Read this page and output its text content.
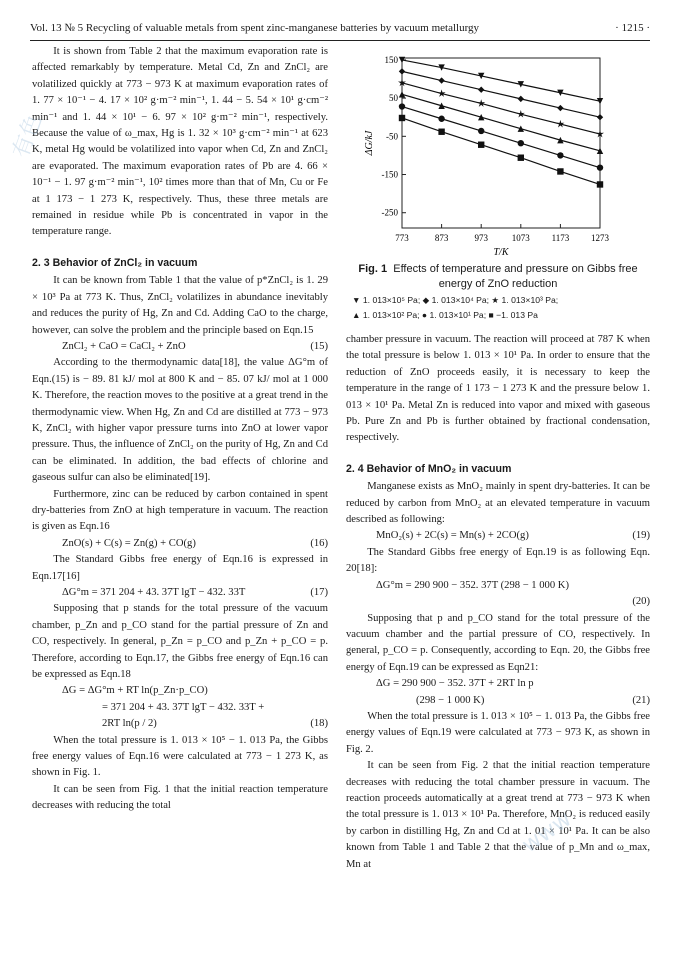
Vol. 13 № 5 Recycling of valuable metals from spent zinc-manganese batteries by vacuum metallurgy	· 1215 ·

It is shown from Table 2 that the maximum evaporation rate is affected remarkably by temperature. Metal Cd, Zn and ZnCl₂ are volatilized quickly at 773 − 973 K at maximum evaporation rates of 1. 77 × 10⁻¹ − 4. 17 × 10² g·m⁻² min⁻¹, 1. 44 − 5. 54 × 10¹ g·cm⁻² min⁻¹ and 1. 44 × 10¹ − 6. 97 × 10² g·m⁻² min⁻¹, respectively. Because the value of ω_max, Hg is 1. 32 × 10³ g·cm⁻² min⁻¹ at 623 K, metal Hg would be volatilized into vapor when Cd, Zn and ZnCl₂ are evaporated. The maximum evaporation rates of Pb are 4. 66 × 10⁻¹ − 1. 97 g·m⁻² min⁻¹, 10² times more than that of Mn, Cu or Fe at 1 173 − 1 273 K, respectively. Thus, these three metals are remained in residue while Pb is concentrated in vapor in the temperature range.

2. 3 Behavior of ZnCl₂ in vacuum

It can be known from Table 1 that the value of p*ZnCl₂ is 1. 29 × 10³ Pa at 773 K. Thus, ZnCl₂ volatilizes in abundance inevitably and reduces the purity of Hg, Zn and Cd. Adding CaO to the charge, however, can solve the problem and the principle based on Eqn.15

ZnCl₂ + CaO = CaCl₂ + ZnO	(15)

According to the thermodynamic data[18], the value ΔG°m of Eqn.(15) is − 89. 81 kJ/ mol at 800 K and − 85. 07 kJ/ mol at 1 000 K. Therefore, the reaction moves to the positive at a great trend in the thermodynamic view. When Hg, Zn and Cd are distilled at 773 − 973 K, ZnCl₂ with higher vapor pressure turns into ZnO at lower vapor pressure. Thus, the influence of ZnCl₂ on the purity of Hg, Zn and Cd can be eliminated. In addition, the bad effects of chlorine and gaseous sulfur can also be eliminated[19].

Furthermore, zinc can be reduced by carbon contained in spent dry-batteries from ZnO at high temperature in vacuum. The reaction is given as Eqn.16

ZnO(s) + C(s) = Zn(g) + CO(g)	(16)

The Standard Gibbs free energy of Eqn.16 is expressed in Eqn.17[16]

ΔG°m = 371 204 + 43. 37T lgT − 432. 33T	(17)

Supposing that p stands for the total pressure of the vacuum chamber, p_Zn and p_CO stand for the partial pressure of Zn and CO, respectively. In general, p_Zn = p_CO and p_Zn + p_CO = p. Therefore, according to Eqn.17, the Gibbs free energy of Eqn.16 can be expressed as Eqn.18

ΔG = ΔG°m + RT ln(p_Zn·p_CO)
= 371 204 + 43. 37T lgT − 432. 33T +
2RT ln(p / 2)	(18)

When the total pressure is 1. 013 × 10⁵ − 1. 013 Pa, the Gibbs free energy values of Eqn.16 were calculated at 773 − 1 273 K, as shown in Fig. 1.

It can be seen from Fig. 1 that the initial reaction temperature decreases with reducing the total

773	873	973	1073 1173 1273
150
50
-50
-150
-250
T/K
ΔG/kJ
Fig. 1 Effects of temperature and pressure on Gibbs free energy of ZnO reduction
▼ 1. 013×10⁵ Pa; ◆ 1. 013×10⁴ Pa; ★ 1. 013×10³ Pa;
▲ 1. 013×10² Pa; ● 1. 013×10¹ Pa; ■ −1. 013 Pa

chamber pressure in vacuum. The reaction will proceed at 787 K when the total pressure is below 1. 013 × 10¹ Pa. In order to ensure that the reduction of ZnO proceeds easily, it is necessary to keep the temperature in the range of 1 173 − 1 273 K and the pressure below 1. 013 × 10¹ Pa. Metal Zn is reduced into vapor and mixed with gaseous Pb. Pure Zn and Pb is further obtained by fractional condensation, respectively.

2. 4 Behavior of MnO₂ in vacuum

Manganese exists as MnO₂ mainly in spent dry-batteries. It can be reduced by carbon from MnO₂ at an elevated temperature in vacuum described as following:

MnO₂(s) + 2C(s) = Mn(s) + 2CO(g)	(19)

The Standard Gibbs free energy of Eqn.19 is as following Eqn. 20[18]:

ΔG°m = 290 900 − 352. 37T (298 − 1 000 K)
(20)

Supposing that p and p_CO stand for the total pressure of the vacuum chamber and the partial pressure of CO, respectively. In general, p_CO = p. Consequently, according to Eqn. 20, the Gibbs free energy of Eqn.19 can be expressed as Eqn21:

ΔG = 290 900 − 352. 37T + 2RT ln p
(298 − 1 000 K)	(21)

When the total pressure is 1. 013 × 10⁵ − 1. 013 Pa, the Gibbs free energy values of Eqn.19 were calculated at 773 − 973 K, as shown in Fig. 2.

It can be seen from Fig. 2 that the initial reaction temperature decreases with reducing the total chamber pressure in vacuum. The reaction proceeds automatically at a great trend at 773 − 973 K when the total pressure is 1. 013 × 10¹ Pa. Therefore, MnO₂ is reduced easily by carbon in distilling Hg, Zn and Cd at 1. 01 × 10¹ Pa. It can be also known from Table 1 and Table 2 that the value of p_Mn and ω_max, Mn at

有色
www
